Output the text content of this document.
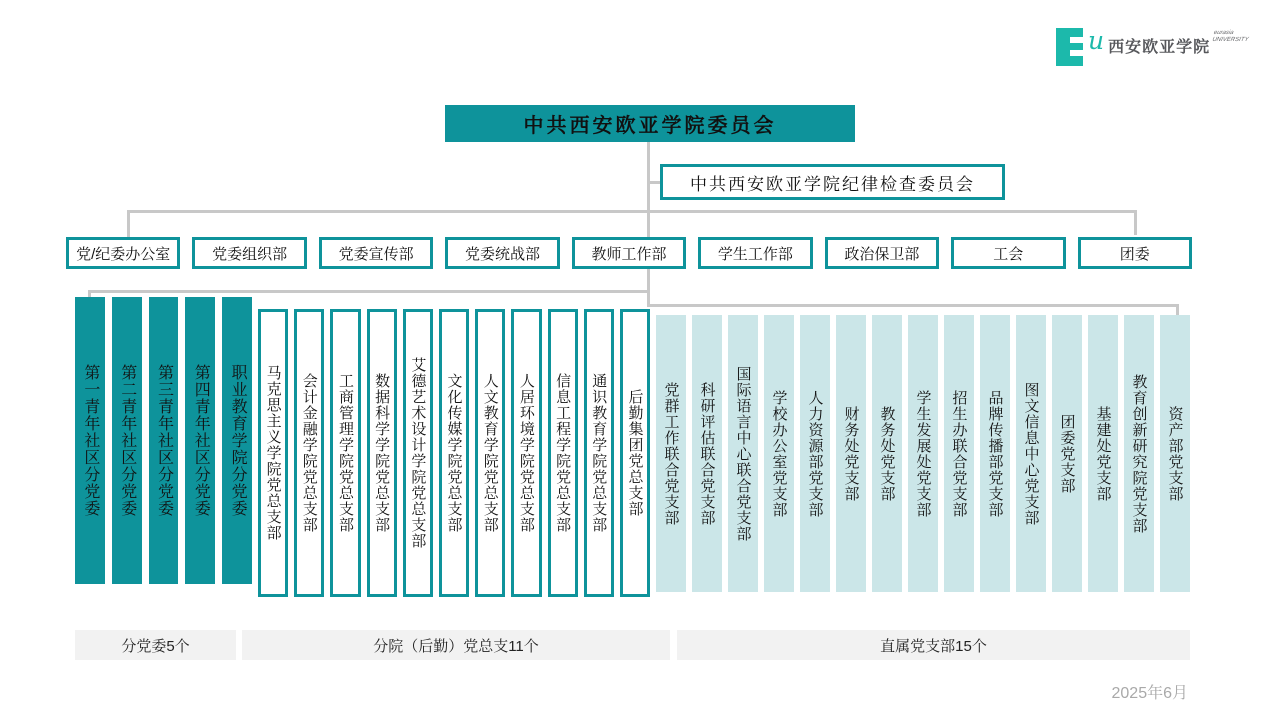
u 西安欧亚学院
eurasia
UNIVERSITY
中共西安欧亚学院委员会
中共西安欧亚学院纪律检查委员会
党/纪委办公室	党委组织部	党委宣传部	党委统战部	教师工作部	学生工作部	政治保卫部	工会	团委
第一青年社区分党委	第二青年社区分党委	第三青年社区分党委	第四青年社区分党委	职业教育学院分党委	马克思主义学院党总支部	会计金融学院党总支部	工商管理学院党总支部	数据科学学院党总支部	艾德艺术设计学院党总支部	文化传媒学院党总支部	人文教育学院党总支部	人居环境学院党总支部	信息工程学院党总支部	通识教育学院党总支部	后勤集团党总支部	党群工作联合党支部	科研评估联合党支部	国际语言中心联合党支部	学校办公室党支部	人力资源部党支部	财务处党支部	教务处党支部	学生发展处党支部	招生办联合党支部	品牌传播部党支部	图文信息中心党支部	团委党支部	基建处党支部	教育创新研究院党支部	资产部党支部
分党委5个	分院（后勤）党总支11个	直属党支部15个
2025年6月
